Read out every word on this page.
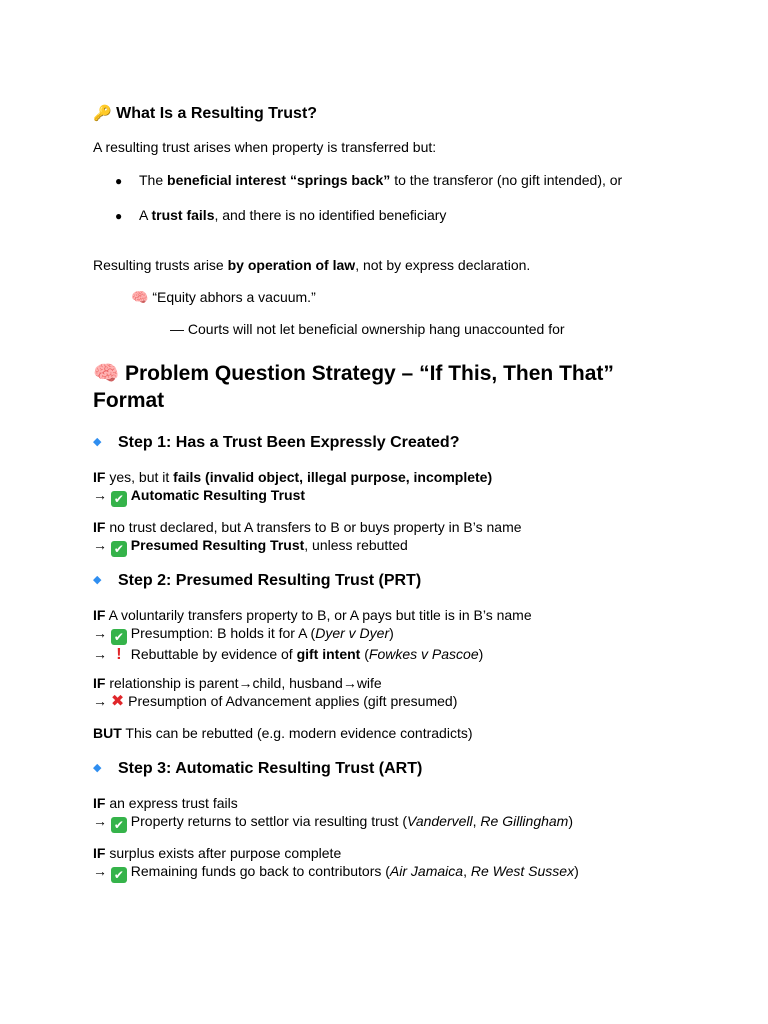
🔑 What Is a Resulting Trust?
A resulting trust arises when property is transferred but:
● The beneficial interest “springs back” to the transferor (no gift intended), or
● A trust fails, and there is no identified beneficiary
Resulting trusts arise by operation of law, not by express declaration.
🧠 “Equity abhors a vacuum.”
— Courts will not let beneficial ownership hang unaccounted for
🧠 Problem Question Strategy – “If This, Then That” Format
◆ Step 1: Has a Trust Been Expressly Created?
IF yes, but it fails (invalid object, illegal purpose, incomplete)
→ ✔ Automatic Resulting Trust
IF no trust declared, but A transfers to B or buys property in B’s name
→ ✔ Presumed Resulting Trust, unless rebutted
◆ Step 2: Presumed Resulting Trust (PRT)
IF A voluntarily transfers property to B, or A pays but title is in B’s name
→ ✔ Presumption: B holds it for A (Dyer v Dyer)
→ ! Rebuttable by evidence of gift intent (Fowkes v Pascoe)
IF relationship is parent→child, husband→wife
→ ✖ Presumption of Advancement applies (gift presumed)
BUT This can be rebutted (e.g. modern evidence contradicts)
◆ Step 3: Automatic Resulting Trust (ART)
IF an express trust fails
→ ✔ Property returns to settlor via resulting trust (Vandervell, Re Gillingham)
IF surplus exists after purpose complete
→ ✔ Remaining funds go back to contributors (Air Jamaica, Re West Sussex)
